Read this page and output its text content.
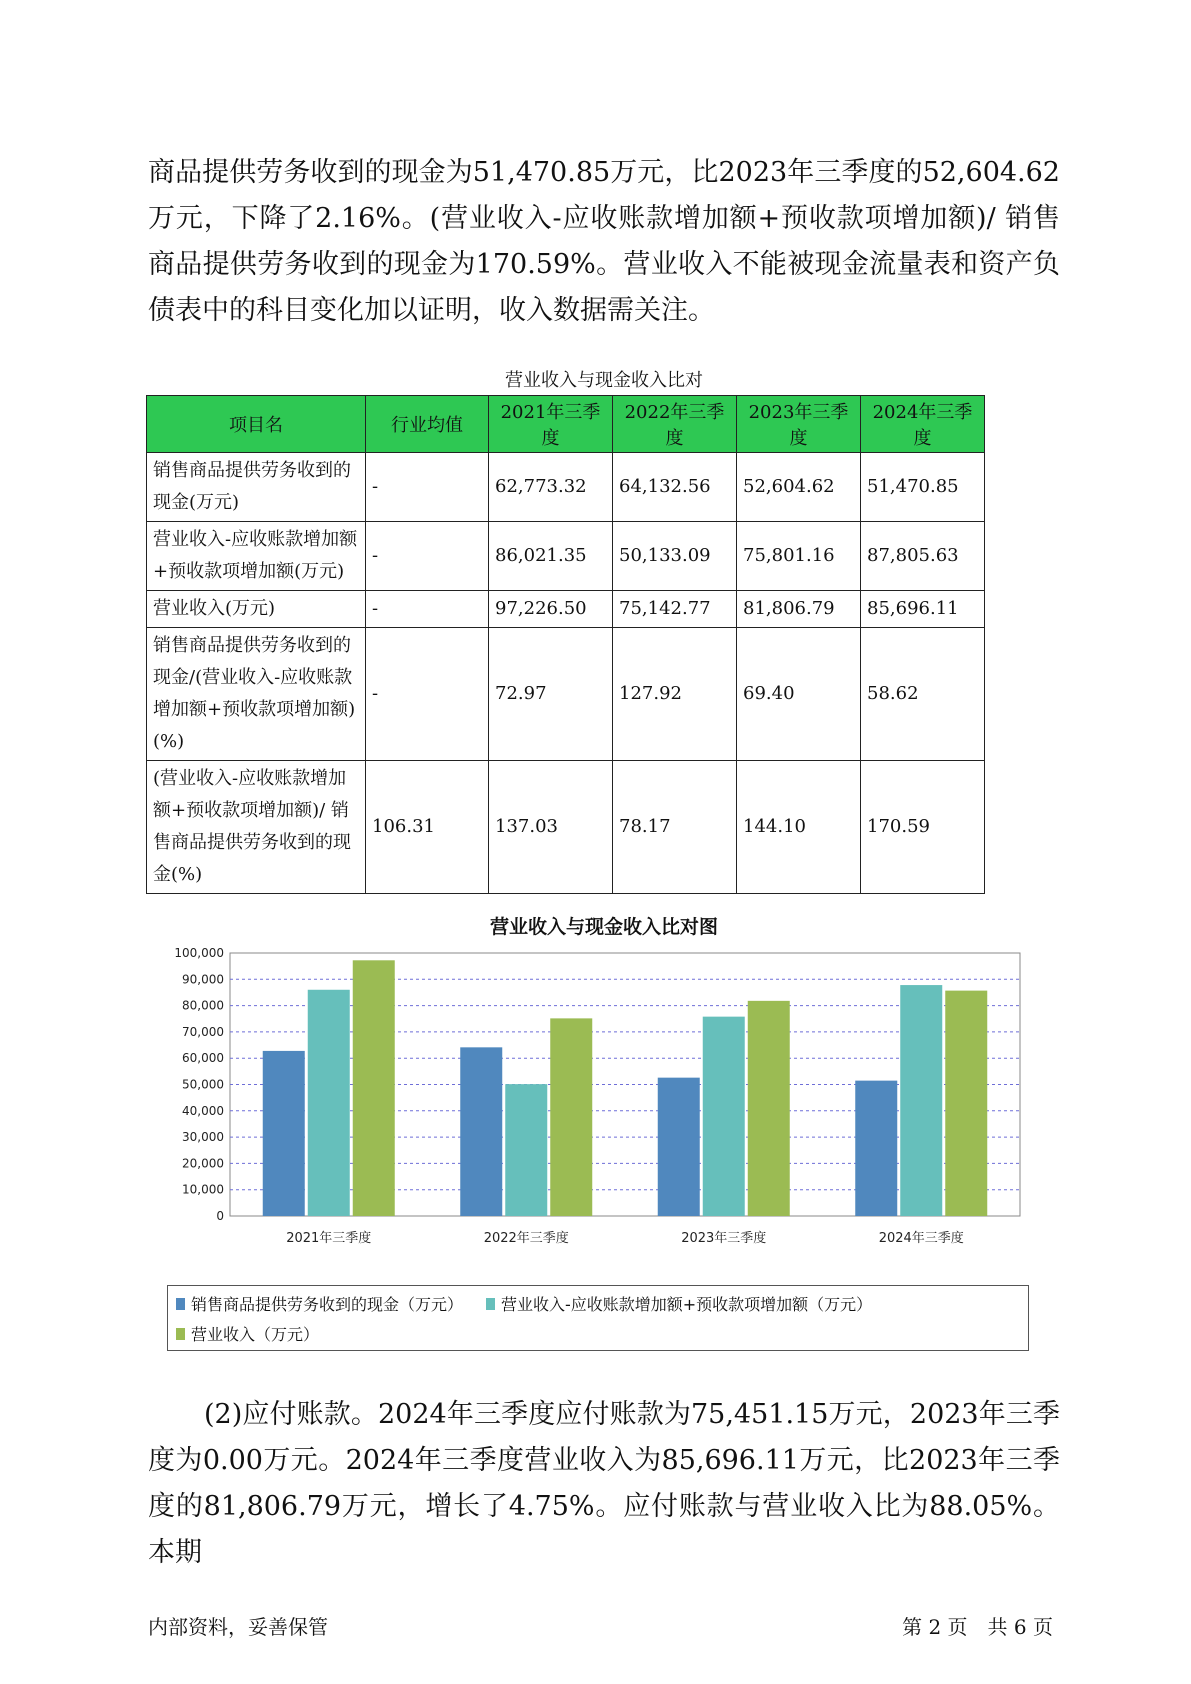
商品提供劳务收到的现金为51,470.85万元，比2023年三季度的52,604.62万元，下降了2.16%。(营业收入-应收账款增加额+预收款项增加额)/ 销售商品提供劳务收到的现金为170.59%。营业收入不能被现金流量表和资产负债表中的科目变化加以证明，收入数据需关注。

营业收入与现金收入比对
项目名	行业均值	2021年三季度	2022年三季度	2023年三季度	2024年三季度
销售商品提供劳务收到的现金(万元)	-	62,773.32	64,132.56	52,604.62	51,470.85
营业收入-应收账款增加额+预收款项增加额(万元)	-	86,021.35	50,133.09	75,801.16	87,805.63
营业收入(万元)	-	97,226.50	75,142.77	81,806.79	85,696.11
销售商品提供劳务收到的现金/(营业收入-应收账款增加额+预收款项增加额)(%)	-	72.97	127.92	69.40	58.62
(营业收入-应收账款增加额+预收款项增加额)/ 销售商品提供劳务收到的现金(%)	106.31	137.03	78.17	144.10	170.59
营业收入与现金收入比对图
0
10,000
20,000
30,000
40,000
50,000
60,000
70,000
80,000
90,000
100,000
2021年三季度	2022年三季度	2023年三季度	2024年三季度
销售商品提供劳务收到的现金（万元） 营业收入-应收账款增加额+预收款项增加额（万元）
营业收入（万元）

(2)应付账款。2024年三季度应付账款为75,451.15万元，2023年三季度为0.00万元。2024年三季度营业收入为85,696.11万元，比2023年三季度的81,806.79万元，增长了4.75%。应付账款与营业收入比为88.05%。本期

内部资料，妥善保管	第 2 页　共 6 页
